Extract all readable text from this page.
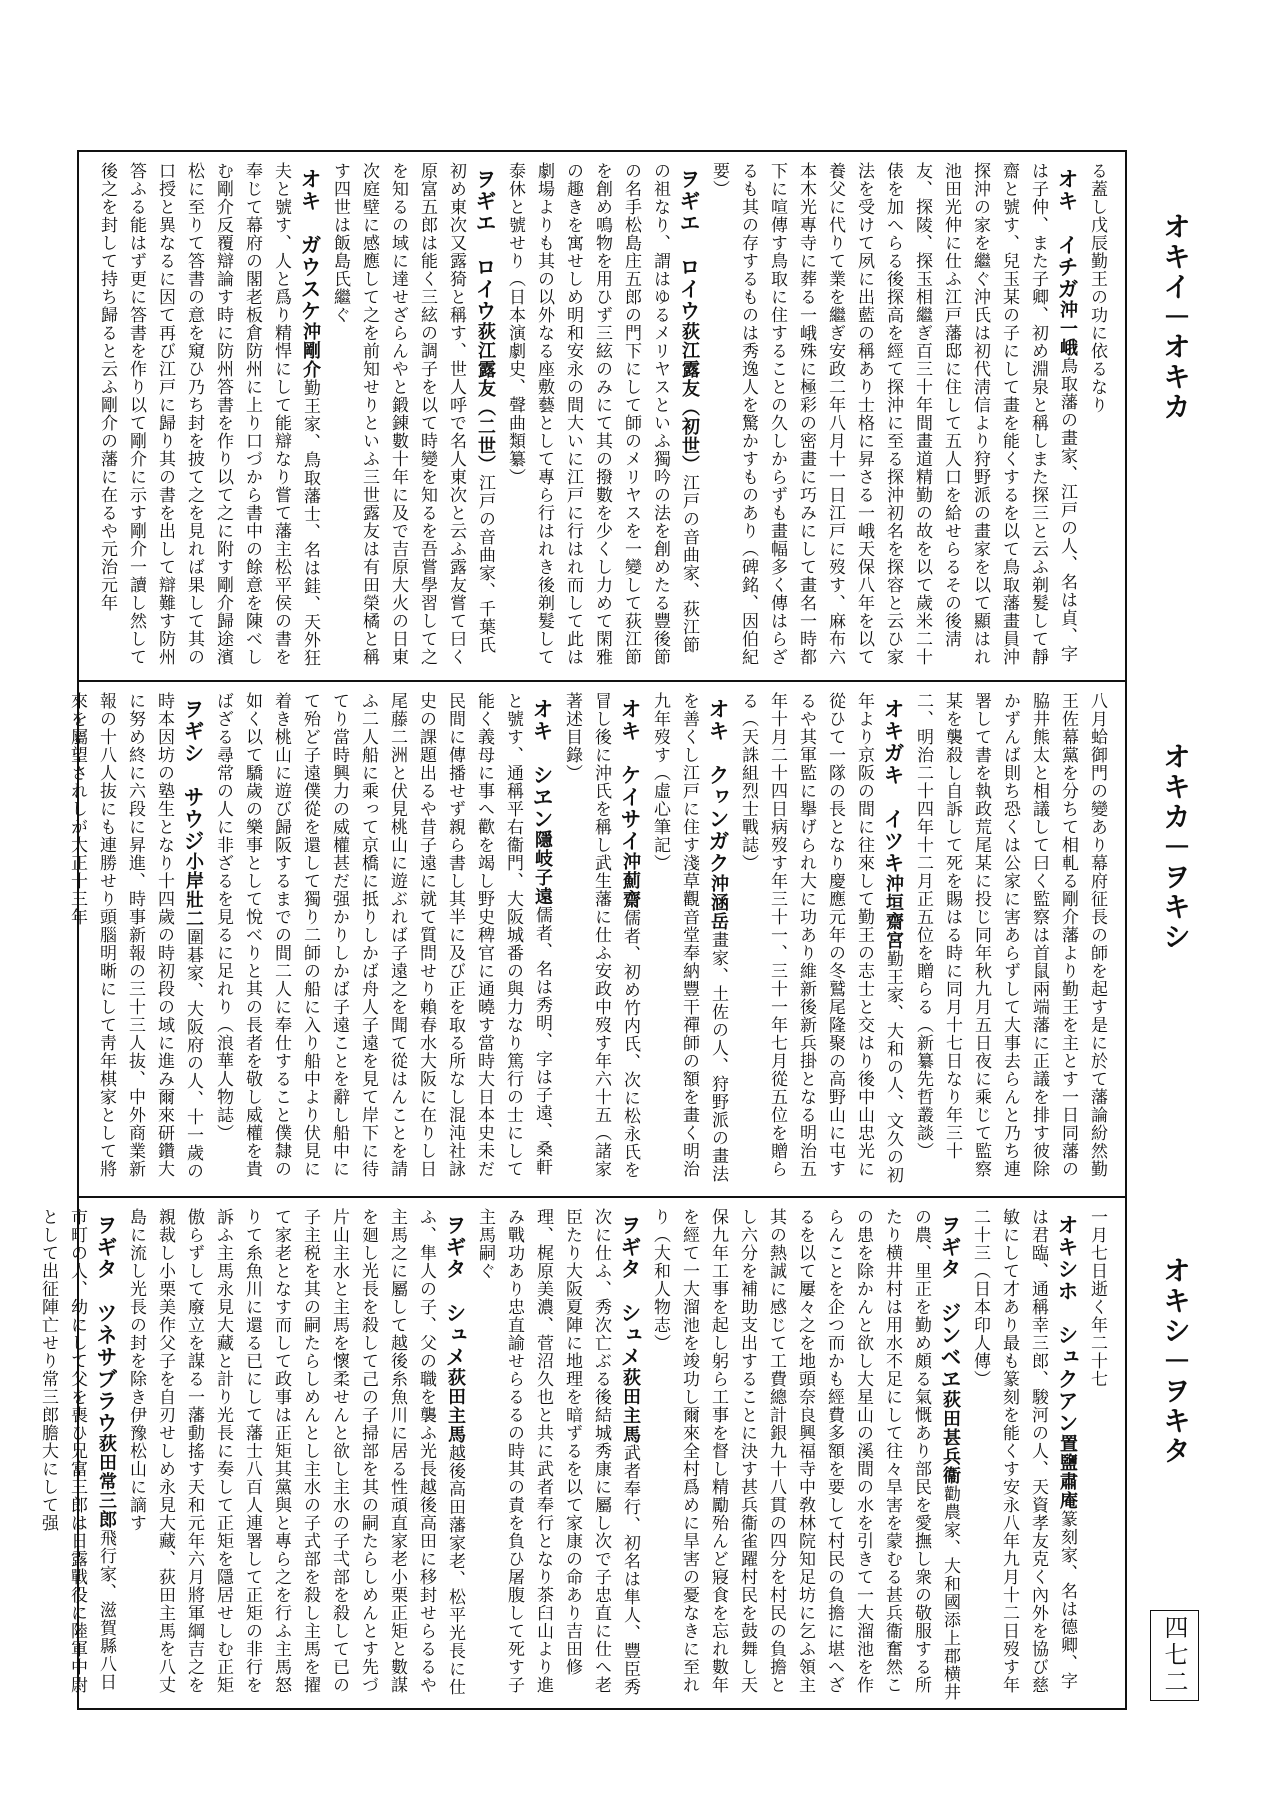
る蓋し戊辰勤王の功に依るなり

オキ　イチガ沖一峨鳥取藩の畫家、江戸の人、名は貞、字は子仲、また子卿、初め淵泉と稱しまた探三と云ふ剃髮して靜齋と號す、兒玉某の子にして畫を能くするを以て鳥取藩畫員沖探沖の家を繼ぐ沖氏は初代淸信より狩野派の畫家を以て顯はれ池田光仲に仕ふ江戸藩邸に住して五人口を給せらるその後淸友、探陵、探玉相繼ぎ百三十年間畫道精勤の故を以て歲米二十俵を加へらる後探高を經て探沖に至る探沖初名を探容と云ひ家法を受けて夙に出藍の稱あり士格に昇さる一峨天保八年を以て養父に代りて業を繼ぎ安政二年八月十一日江戸に歿す、麻布六本木光專寺に葬る一峨殊に極彩の密畫に巧みにして畫名一時都下に喧傳す鳥取に住することの久しからずも畫幅多く傳はらざるも其の存するものは秀逸人を驚かすものあり（碑銘、因伯紀要）

ヲギエ　ロイウ荻江露友（初世）江戸の音曲家、荻江節の祖なり、謂はゆるメリヤスといふ獨吟の法を創めたる豐後節の名手松島庄五郎の門下にして師のメリヤスを一變して荻江節を創め鳴物を用ひず三絃のみにて其の撥數を少くし力めて閑雅の趣きを寓せしめ明和安永の間大いに江戸に行はれ而して此は劇場よりも其の以外なる座敷藝として專ら行はれき後剃髮して泰休と號せり（日本演劇史、聲曲類纂）

ヲギエ　ロイウ荻江露友（二世）江戸の音曲家、千葉氏初め東次又露猗と稱す、世人呼で名人東次と云ふ露友嘗て曰く原富五郎は能く三絃の調子を以て時變を知るを吾嘗學習して之を知るの域に達せざらんやと鍛錬數十年に及で吉原大火の日東次庭壁に感應して之を前知せりといふ三世露友は有田榮橘と稱す四世は飯島氏繼ぐ

オキ　ガウスケ沖剛介勤王家、鳥取藩士、名は銈、天外狂夫と號す、人と爲り精悍にして能辯なり嘗て藩主松平侯の書を奉じて幕府の閣老板倉防州に上り口づから書中の餘意を陳べしむ剛介反覆辯論す時に防州答書を作り以て之に附す剛介歸途濱松に至りて答書の意を窺ひ乃ち封を披て之を見れば果して其の口授と異なるに因て再び江戸に歸り其の書を出して辯難す防州答ふる能はず更に答書を作り以て剛介に示す剛介一讀し然して後之を封して持ち歸ると云ふ剛介の藩に在るや元治元年

八月蛤御門の變あり幕府征長の師を起す是に於て藩論紛然勤王佐幕黨を分ちて相軋る剛介藩より勤王を主とす一日同藩の脇井熊太と相議して曰く監察は首鼠兩端藩に正議を排す彼除かずんば則ち恐くは公家に害あらずして大事去らんと乃ち連署して書を執政荒尾某に投じ同年秋九月五日夜に乘じて監察某を襲殺し自訴して死を賜はる時に同月十七日なり年三十二、明治二十四年十二月正五位を贈らる（新纂先哲叢談）

オキガキ　イツキ沖垣齋宮勤王家、大和の人、文久の初年より京阪の間に往來して勤王の志士と交はり後中山忠光に從ひて一隊の長となり慶應元年の冬鷲尾隆聚の高野山に屯するや其軍監に擧げられ大に功あり維新後新兵掛となる明治五年十月二十四日病歿す年三十一、三十一年七月從五位を贈らる（天誅組烈士戰誌）

オキ　クヮンガク沖涵岳畫家、土佐の人、狩野派の畫法を善くし江戸に住す淺草觀音堂奉納豐干禪師の額を畫く明治九年歿す（虛心筆記）

オキ　ケイサイ沖薊齋儒者、初め竹内氏、次に松永氏を冒し後に沖氏を稱し武生藩に仕ふ安政中歿す年六十五（諸家著述目錄）

オキ　シヱン隱岐子遠儒者、名は秀明、字は子遠、桑軒と號す、通稱平右衞門、大阪城番の與力なり篤行の士にして能く義母に事へ歡を竭し野史稗官に通曉す當時大日本史未だ民間に傳播せず親ら書し其半に及び正を取る所なし混沌社詠史の課題出るや昔子遠に就て質問せり賴春水大阪に在りし日尾藤二洲と伏見桃山に遊ぶれば子遠之を聞て從はんことを請ふ二人船に乘って京橋に抵りしかば舟人子遠を見て岸下に待てり當時興力の威權甚だ强かりしかば子遠ことを辭し船中にて殆ど子遠僕從を還して獨り二師の船に入り船中より伏見に着き桃山に遊び歸阪するまでの間二人に奉仕すること僕隸の如く以て驕歲の樂事として悅べりと其の長者を敬し威權を貴ばざる尋常の人に非ざるを見るに足れり（浪華人物誌）

ヲギシ　サウジ小岸壯二圍碁家、大阪府の人、十一歲の時本因坊の塾生となり十四歲の時初段の域に進み爾來研鑽大に努め終に六段に昇進、時事新報の三十三人抜、中外商業新報の十八人抜にも連勝せり頭腦明晰にして靑年棋家として將來を屬望されしが大正十三年

一月七日逝く年二十七

オキシホ　シュクアン置鹽肅庵篆刻家、名は德卿、字は君臨、通稱幸三郎、駿河の人、天資孝友克く內外を協び慈敏にして才あり最も篆刻を能くす安永八年九月十二日歿す年二十三（日本印人傳）

ヲギタ　ジンベヱ荻田甚兵衞勸農家、大和國添上郡横井の農、里正を勤め頗る氣慨あり部民を愛撫し衆の敬服する所たり横井村は用水不足にして往々旱害を蒙むる甚兵衞奮然この患を除かんと欲し大星山の溪間の水を引きて一大溜池を作らんことを企つ而かも經費多額を要して村民の負擔に堪へざるを以て屢々之を地頭奈良興福寺中敎林院知足坊に乞ふ領主其の熱誠に感じて工費總計銀九十八貫の四分を村民の負擔とし六分を補助支出することに決す甚兵衞雀躍村民を鼓舞し天保九年工事を起し躬ら工事を督し精勵殆んど寢食を忘れ數年を經て一大溜池を竣功し爾來全村爲めに旱害の憂なきに至れり（大和人物志）

ヲギタ　シュメ荻田主馬武者奉行、初名は隼人、豐臣秀次に仕ふ、秀次亡ぶる後結城秀康に屬し次で子忠直に仕へ老臣たり大阪夏陣に地理を暗ずるを以て家康の命あり吉田修理、梶原美濃、菅沼久也と共に武者奉行となり茶臼山より進み戰功あり忠直諭せらるるの時其の責を負ひ屠腹して死す子主馬嗣ぐ

ヲギタ　シュメ荻田主馬越後高田藩家老、松平光長に仕ふ、隼人の子、父の職を襲ふ光長越後高田に移封せらるるや主馬之に屬して越後糸魚川に居る性頑直家老小栗正矩と數謀を廻し光長を殺して己の子掃部を其の嗣たらしめんとす先づ片山主水と主馬を懷柔せんと欲し主水の子弌部を殺して已の子主税を其の嗣たらしめんとし主水の子式部を殺し主馬を擢て家老となす而して政事は正矩其黨與と專ら之を行ふ主馬怒りて糸魚川に還る已にして藩士八百人連署して正矩の非行を訴ふ主馬永見大藏と計り光長に奏して正矩を隱居せしむ正矩傲らずして廢立を謀る一藩動搖す天和元年六月將軍綱吉之を親裁し小栗美作父子を自刃せしめ永見大藏、荻田主馬を八丈島に流し光長の封を除き伊豫松山に謫す

ヲギタ　ツネサブラウ荻田常三郎飛行家、滋賀縣八日市町の人、幼にして父を喪ひ兄富三郎は日露戰役に陸軍中尉として出征陣亡せり常三郎膽大にして强

オキイ－オキカ
オキカ－ヲキシ
オキシ－ヲキタ
四七二
